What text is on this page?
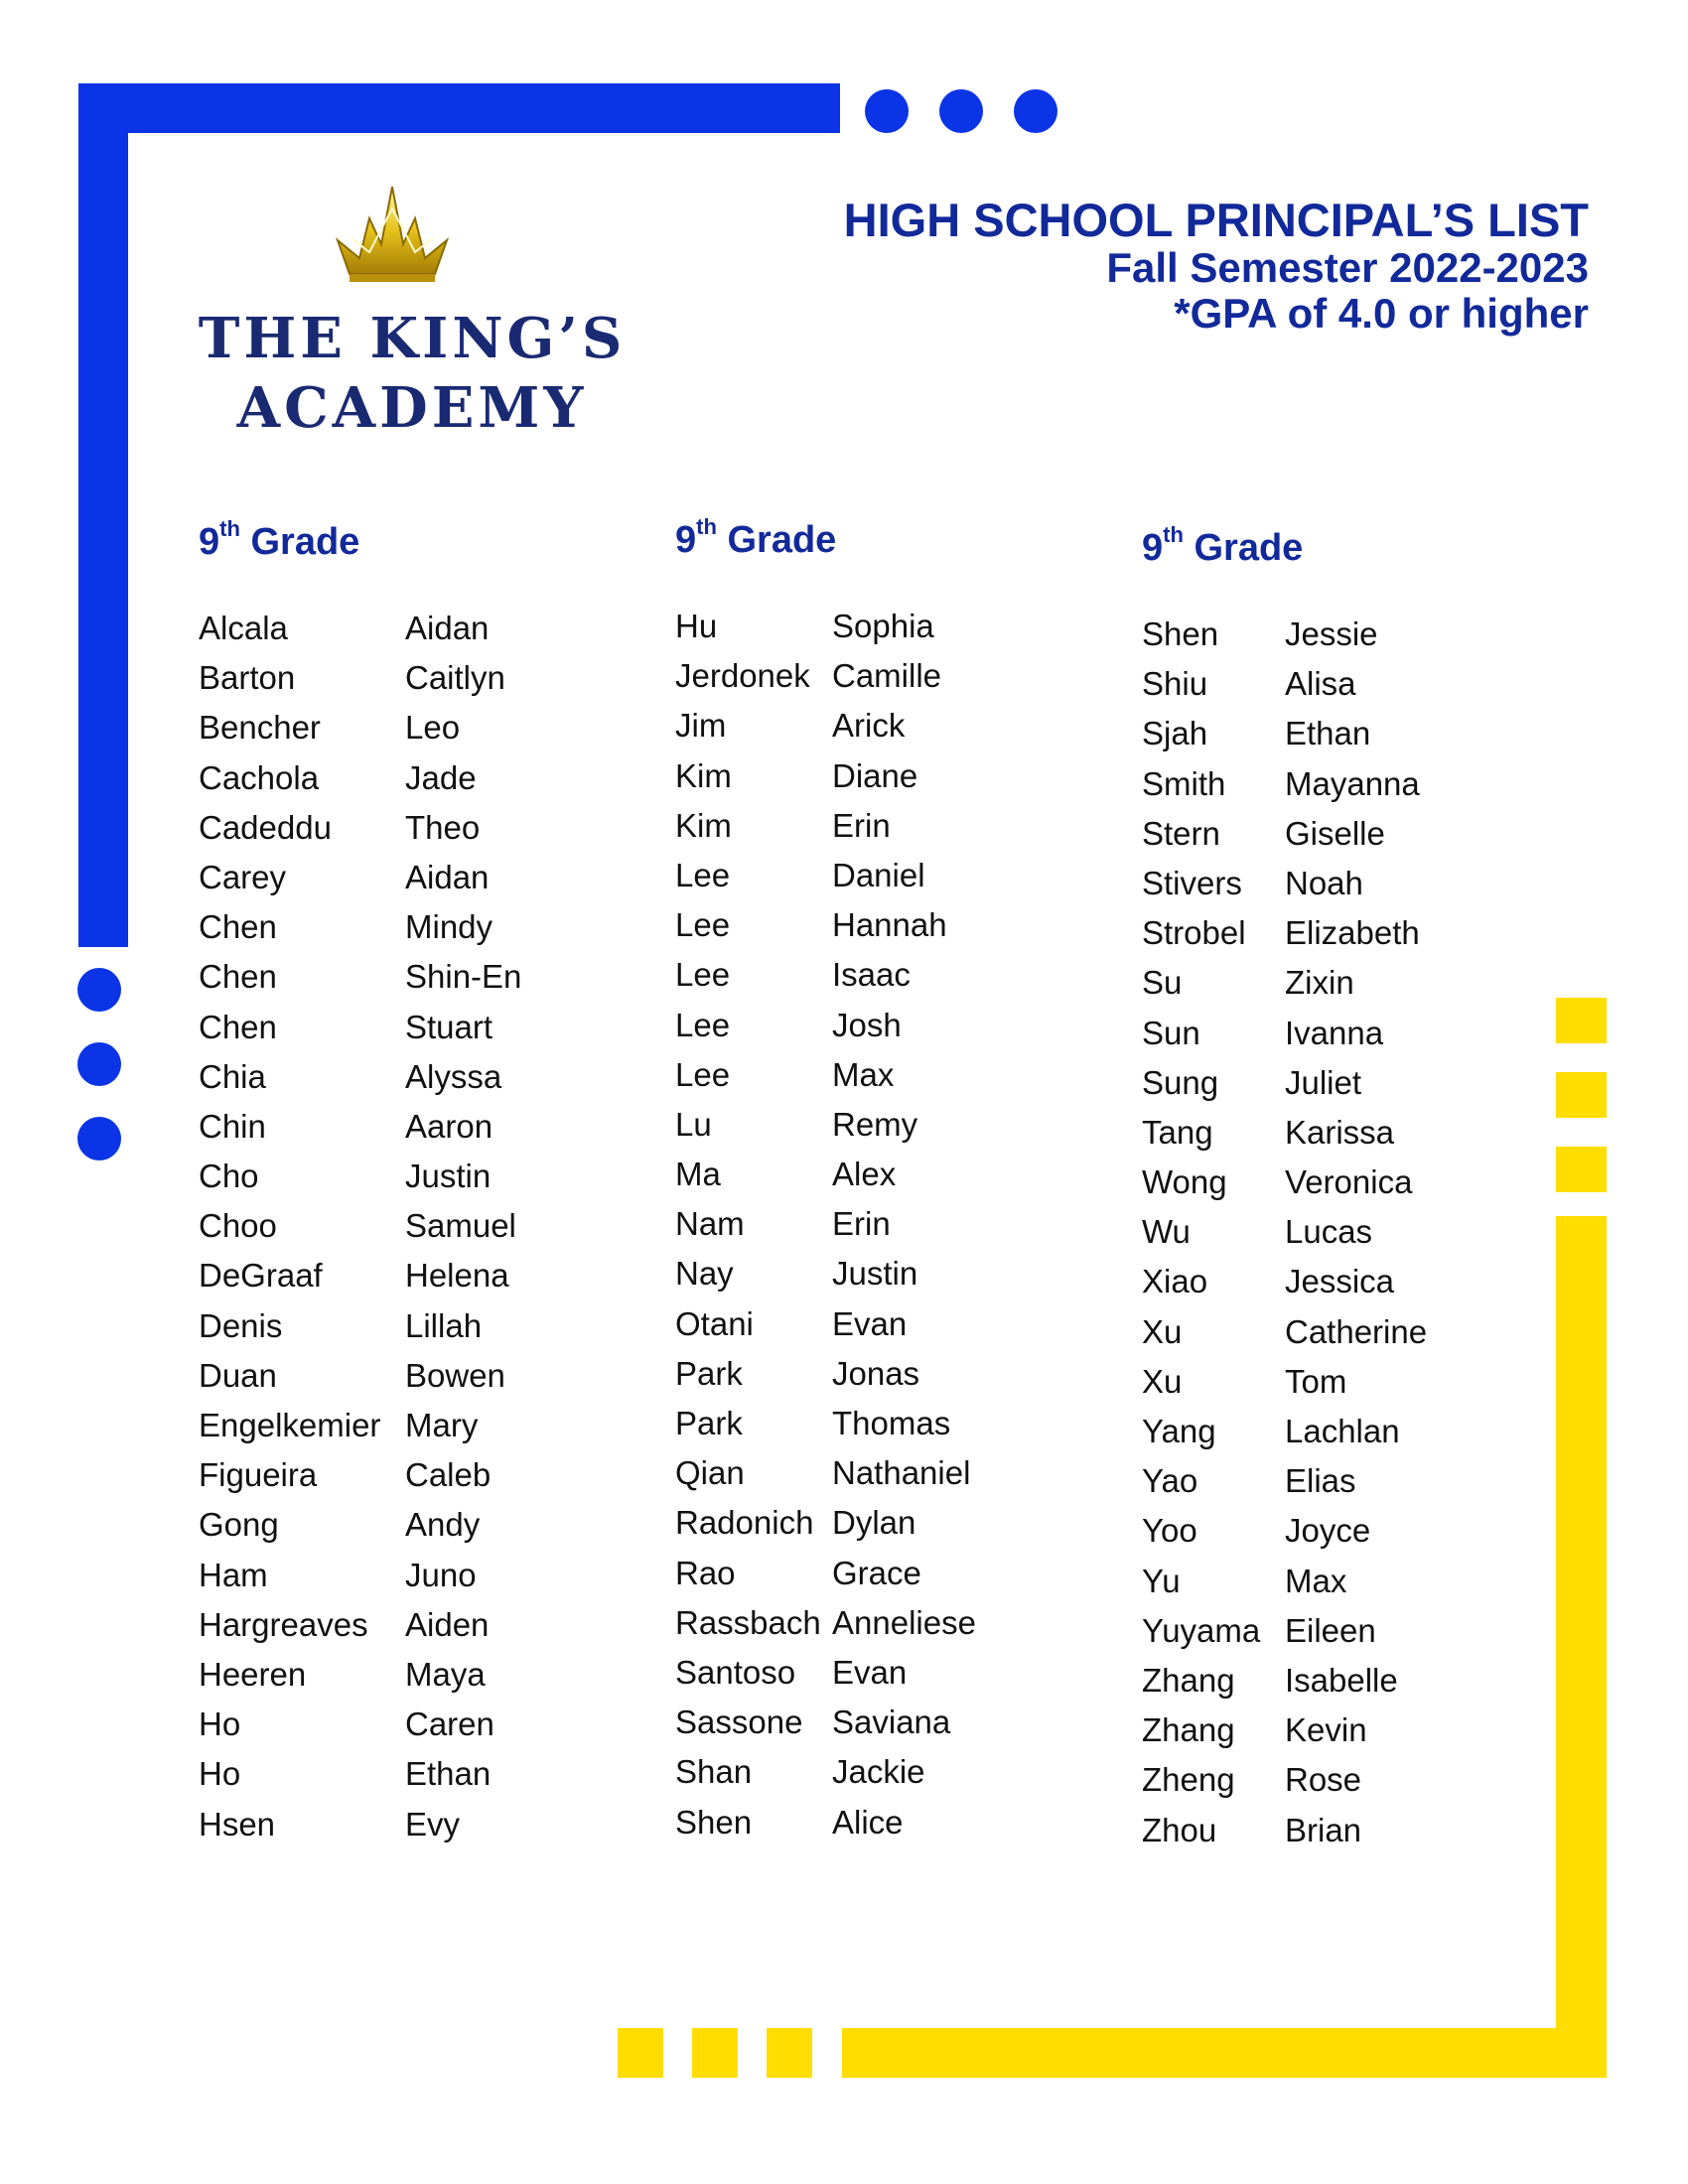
THE KING’S
ACADEMY
HIGH SCHOOL PRINCIPAL’S LIST
Fall Semester 2022-2023
*GPA of 4.0 or higher
9th Grade
Alcala	Aidan
Barton	Caitlyn
Bencher	Leo
Cachola	Jade
Cadeddu Theo
Carey	Aidan
Chen	Mindy
Chen	Shin-En
Chen	Stuart
Chia	Alyssa
Chin	Aaron
Cho	Justin
Choo	Samuel
DeGraaf	Helena
Denis	Lillah
Duan	Bowen
Engelkemier Mary
Figueira	Caleb
Gong	Andy
Ham	Juno
Hargreaves Aiden
Heeren	Maya
Ho	Caren
Ho	Ethan
Hsen	Evy
9th Grade
Hu	Sophia
Jerdonek Camille
Jim	Arick
Kim	Diane
Kim	Erin
Lee	Daniel
Lee	Hannah
Lee	Isaac
Lee	Josh
Lee	Max
Lu	Remy
Ma	Alex
Nam	Erin
Nay	Justin
Otani Evan
Park	Jonas
Park	Thomas
Qian	Nathaniel
Radonich Dylan
Rao	Grace
Rassbach Anneliese
Santoso Evan
Sassone Saviana
Shan Jackie
Shen Alice
9th Grade
Shen Jessie
Shiu Alisa
Sjah Ethan
Smith Mayanna
Stern Giselle
Stivers Noah
Strobel Elizabeth
Su	Zixin
Sun	Ivanna
Sung Juliet
Tang Karissa
Wong Veronica
Wu	Lucas
Xiao Jessica
Xu	Catherine
Xu	Tom
Yang Lachlan
Yao	Elias
Yoo	Joyce
Yu	Max
Yuyama Eileen
Zhang Isabelle
Zhang Kevin
Zheng Rose
Zhou Brian
